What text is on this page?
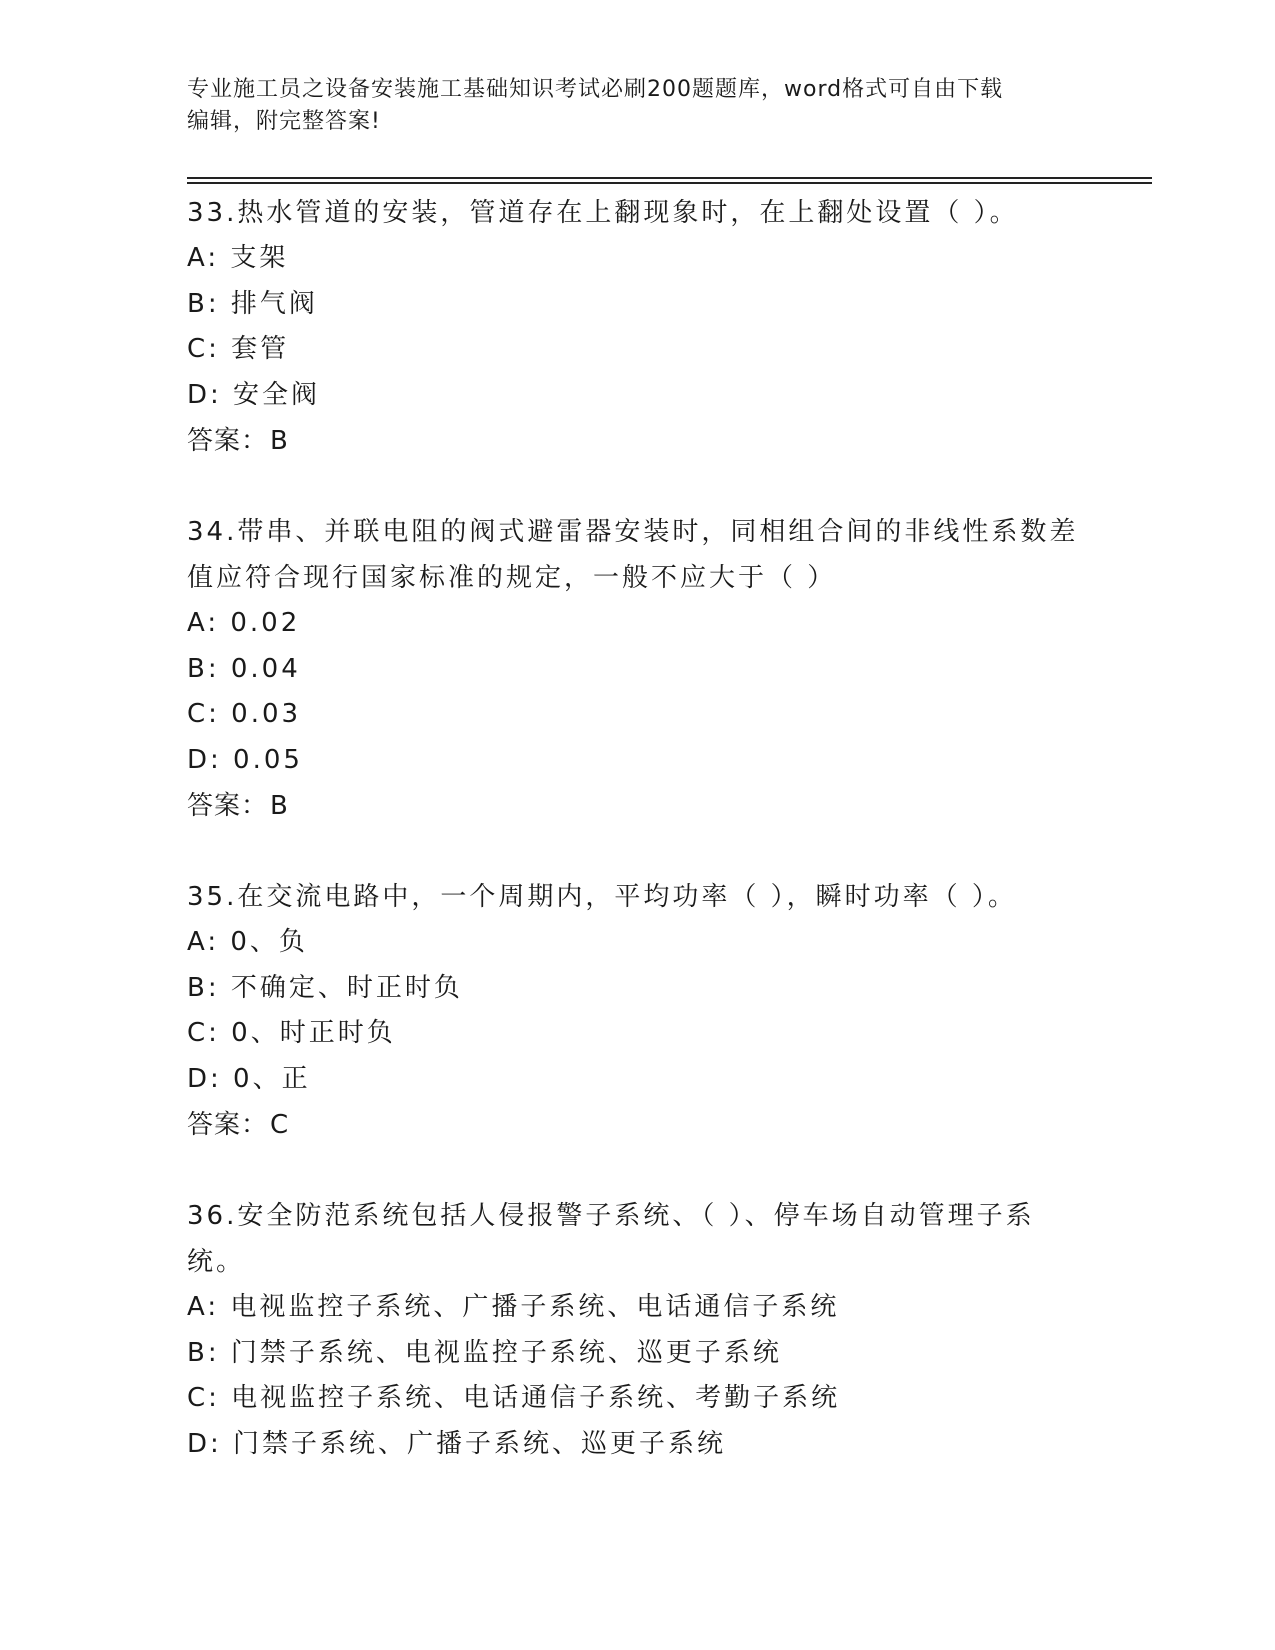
专业施工员之设备安装施工基础知识考试必刷200题题库，word格式可自由下载
编辑，附完整答案!
33.热水管道的安装，管道存在上翻现象时，在上翻处设置（ ）。
A: 支架
B: 排气阀
C: 套管
D: 安全阀
答案：B
34.带串、并联电阻的阀式避雷器安装时，同相组合间的非线性系数差
值应符合现行国家标准的规定，一般不应大于（ ）
A: 0.02
B: 0.04
C: 0.03
D: 0.05
答案：B
35.在交流电路中，一个周期内，平均功率（ ），瞬时功率（ ）。
A: 0、负
B: 不确定、时正时负
C: 0、时正时负
D: 0、正
答案：C
36.安全防范系统包括人侵报警子系统、（ ）、停车场自动管理子系
统。
A: 电视监控子系统、广播子系统、电话通信子系统
B: 门禁子系统、电视监控子系统、巡更子系统
C: 电视监控子系统、电话通信子系统、考勤子系统
D: 门禁子系统、广播子系统、巡更子系统
